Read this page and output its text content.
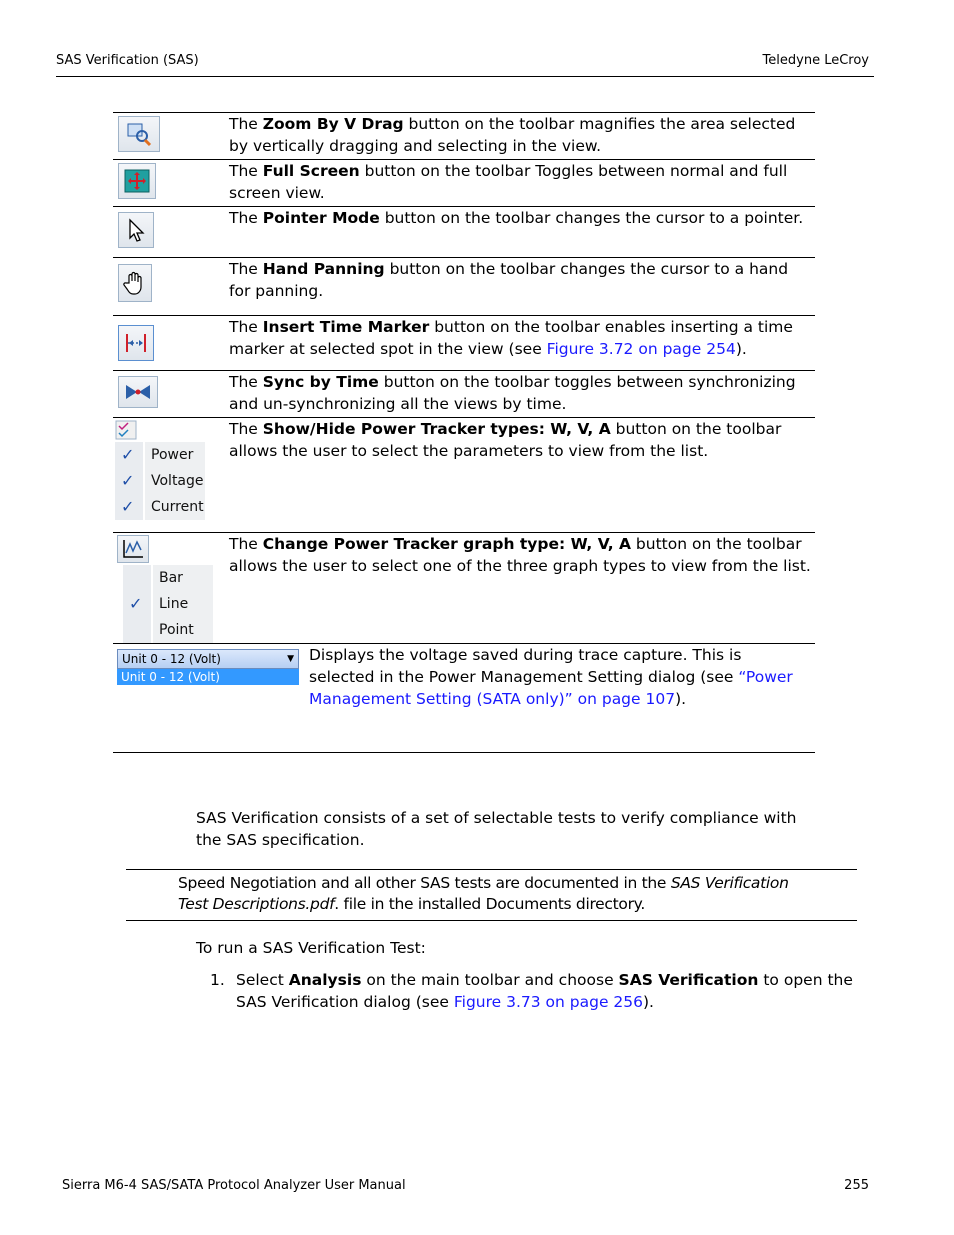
SAS Verification (SAS)	Teledyne LeCroy
The Zoom By V Drag button on the toolbar magnifies the area selected by vertically dragging and selecting in the view.
The Full Screen button on the toolbar Toggles between normal and full screen view.
The Pointer Mode button on the toolbar changes the cursor to a pointer.
The Hand Panning button on the toolbar changes the cursor to a hand for panning.
The Insert Time Marker button on the toolbar enables inserting a time marker at selected spot in the view (see Figure 3.72 on page 254).
The Sync by Time button on the toolbar toggles between synchronizing and un-synchronizing all the views by time.
✓ Power
✓ Voltage
✓ Current
The Show/Hide Power Tracker types: W, V, A button on the toolbar allows the user to select the parameters to view from the list.
Bar
✓ Line
Point
The Change Power Tracker graph type: W, V, A button on the toolbar allows the user to select one of the three graph types to view from the list.
Unit 0 - 12 (Volt)	▼
Unit 0 - 12 (Volt)
Displays the voltage saved during trace capture. This is selected in the Power Management Setting dialog (see “Power Management Setting (SATA only)” on page 107).
SAS Verification consists of a set of selectable tests to verify compliance with the SAS specification.
Speed Negotiation and all other SAS tests are documented in the SAS Verification Test Descriptions.pdf. file in the installed Documents directory.
To run a SAS Verification Test:
1. Select Analysis on the main toolbar and choose SAS Verification to open the SAS Verification dialog (see Figure 3.73 on page 256).
Sierra M6-4 SAS/SATA Protocol Analyzer User Manual	255
